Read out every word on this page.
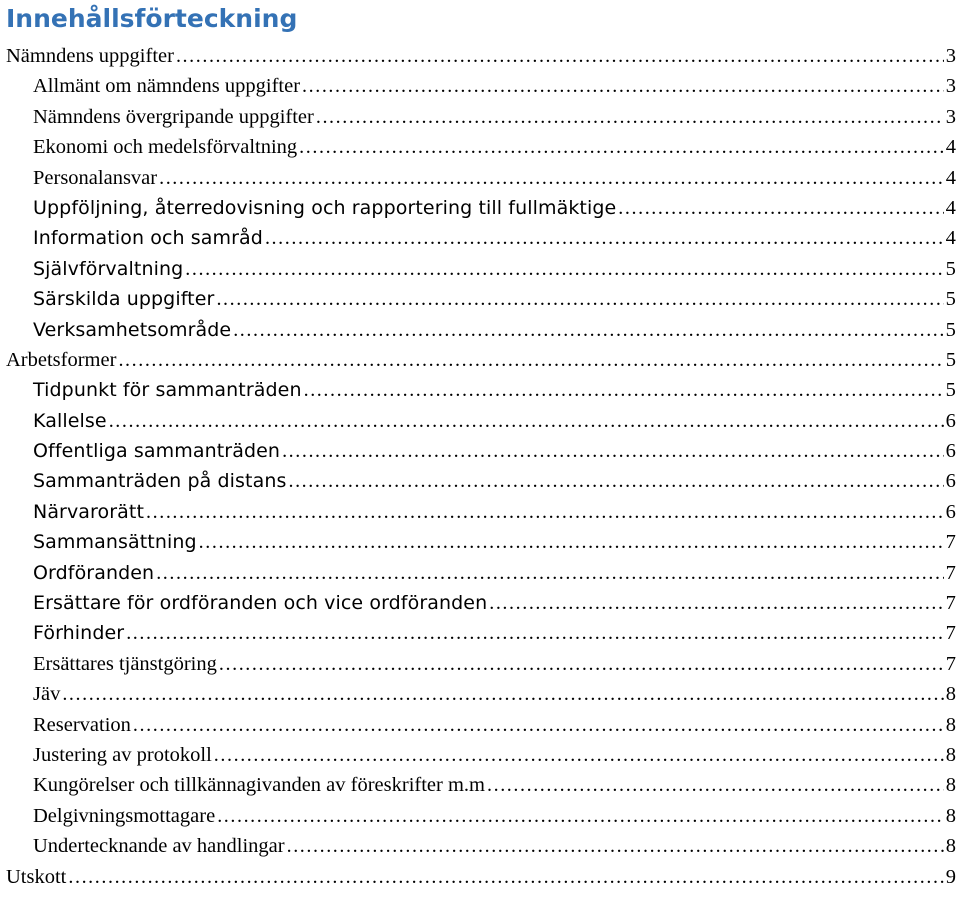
Innehållsförteckning
Nämndens uppgifter .....	3
Allmänt om nämndens uppgifter .....	3
Nämndens övergripande uppgifter .....	3
Ekonomi och medelsförvaltning .....	4
Personalansvar .....	4
Uppföljning, återredovisning och rapportering till fullmäktige .....	4
Information och samråd .....	4
Självförvaltning .....	5
Särskilda uppgifter .....	5
Verksamhetsområde .....	5
Arbetsformer .....	5
Tidpunkt för sammanträden .....	5
Kallelse .....	6
Offentliga sammanträden .....	6
Sammanträden på distans .....	6
Närvarorätt .....	6
Sammansättning .....	7
Ordföranden .....	7
Ersättare för ordföranden och vice ordföranden .....	7
Förhinder .....	7
Ersättares tjänstgöring .....	7
Jäv .....	8
Reservation .....	8
Justering av protokoll .....	8
Kungörelser och tillkännagivanden av föreskrifter m.m .....	8
Delgivningsmottagare .....	8
Undertecknande av handlingar .....	8
Utskott .....	9
